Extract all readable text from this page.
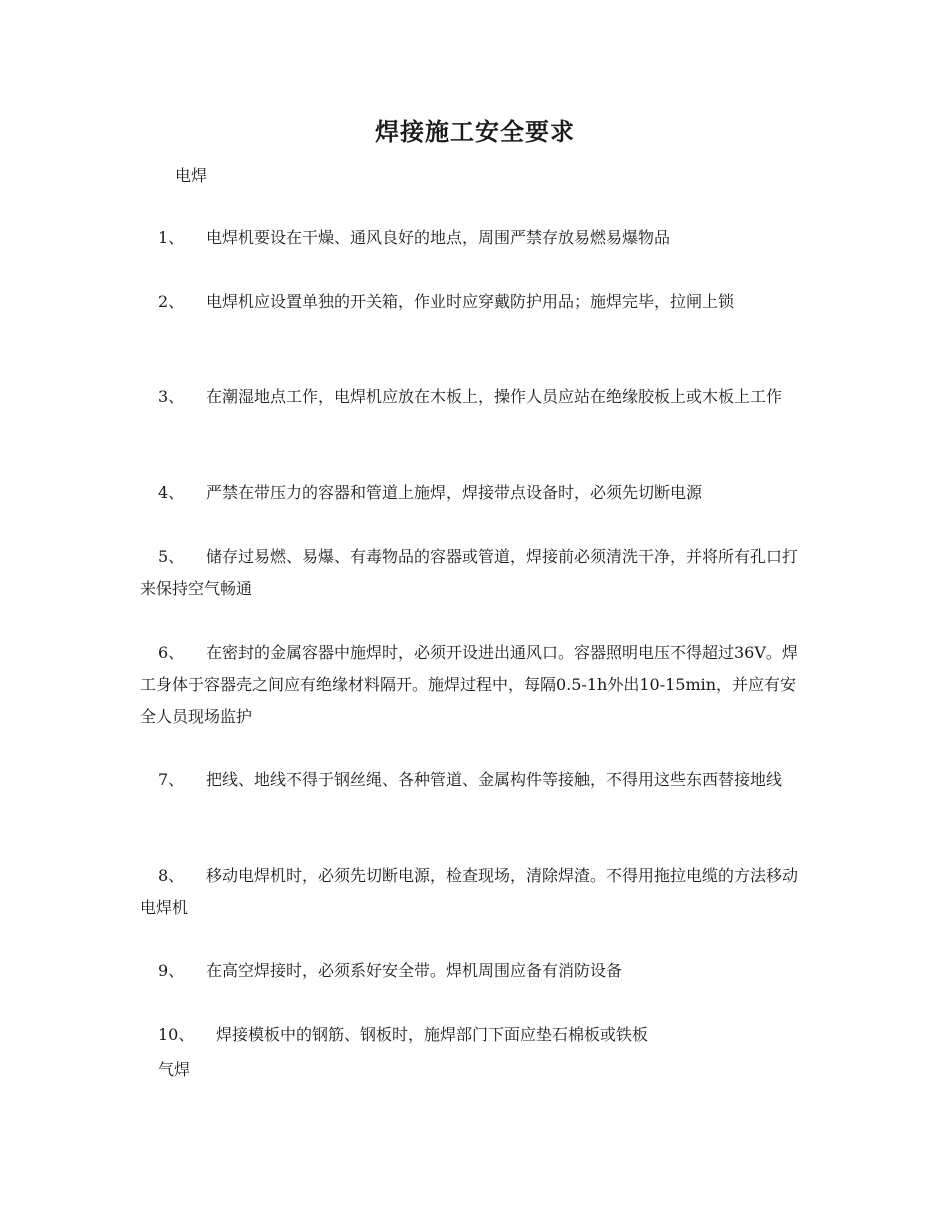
焊接施工安全要求
电焊
1、 电焊机要设在干燥、通风良好的地点，周围严禁存放易燃易爆物品
2、 电焊机应设置单独的开关箱，作业时应穿戴防护用品；施焊完毕，拉闸上锁
3、 在潮湿地点工作，电焊机应放在木板上，操作人员应站在绝缘胶板上或木板上工作
4、 严禁在带压力的容器和管道上施焊，焊接带点设备时，必须先切断电源
5、 储存过易燃、易爆、有毒物品的容器或管道，焊接前必须清洗干净，并将所有孔口打来保持空气畅通
6、 在密封的金属容器中施焊时，必须开设进出通风口。容器照明电压不得超过36V。焊工身体于容器壳之间应有绝缘材料隔开。施焊过程中，每隔0.5-1h外出10-15min，并应有安全人员现场监护
7、 把线、地线不得于钢丝绳、各种管道、金属构件等接触，不得用这些东西替接地线
8、 移动电焊机时，必须先切断电源，检查现场，清除焊渣。不得用拖拉电缆的方法移动电焊机
9、 在高空焊接时，必须系好安全带。焊机周围应备有消防设备
10、 焊接模板中的钢筋、钢板时，施焊部门下面应垫石棉板或铁板
气焊
